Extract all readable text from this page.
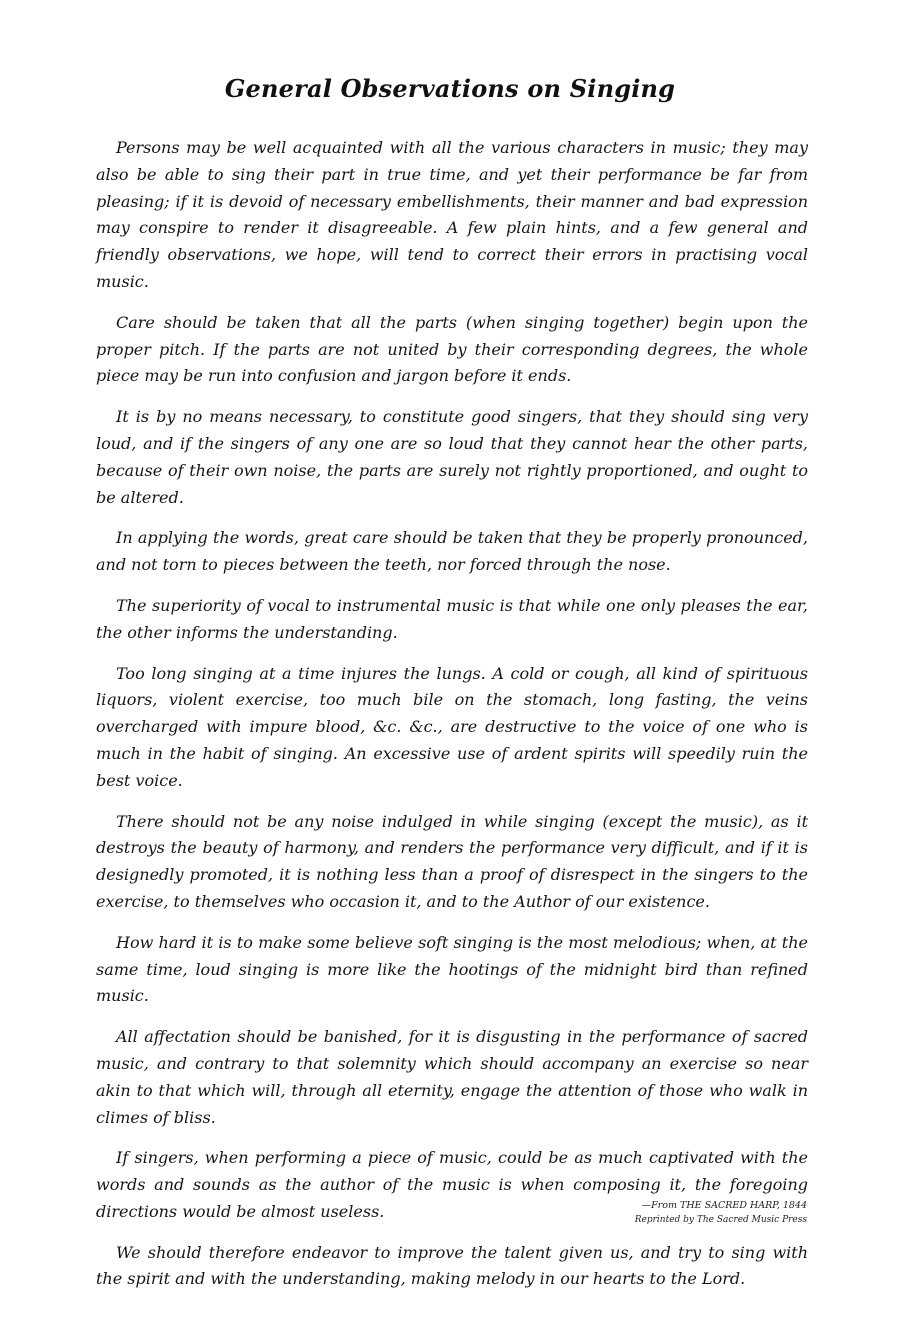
General Observations on Singing

Persons may be well acquainted with all the various characters in music; they may also be able to sing their part in true time, and yet their performance be far from pleasing; if it is devoid of necessary embellishments, their manner and bad expression may conspire to render it disagreeable. A few plain hints, and a few general and friendly observations, we hope, will tend to correct their errors in practising vocal music.

Care should be taken that all the parts (when singing together) begin upon the proper pitch. If the parts are not united by their corresponding degrees, the whole piece may be run into confusion and jargon before it ends.

It is by no means necessary, to constitute good singers, that they should sing very loud, and if the singers of any one are so loud that they cannot hear the other parts, because of their own noise, the parts are surely not rightly proportioned, and ought to be altered.

In applying the words, great care should be taken that they be properly pronounced, and not torn to pieces between the teeth, nor forced through the nose.

The superiority of vocal to instrumental music is that while one only pleases the ear, the other informs the understanding.

Too long singing at a time injures the lungs. A cold or cough, all kind of spirituous liquors, violent exercise, too much bile on the stomach, long fasting, the veins overcharged with impure blood, &c. &c., are destructive to the voice of one who is much in the habit of singing. An excessive use of ardent spirits will speedily ruin the best voice.

There should not be any noise indulged in while singing (except the music), as it destroys the beauty of harmony, and renders the performance very difficult, and if it is designedly promoted, it is nothing less than a proof of disrespect in the singers to the exercise, to themselves who occasion it, and to the Author of our existence.

How hard it is to make some believe soft singing is the most melodious; when, at the same time, loud singing is more like the hootings of the midnight bird than refined music.

All affectation should be banished, for it is disgusting in the performance of sacred music, and contrary to that solemnity which should accompany an exercise so near akin to that which will, through all eternity, engage the attention of those who walk in climes of bliss.

If singers, when performing a piece of music, could be as much captivated with the words and sounds as the author of the music is when composing it, the foregoing directions would be almost useless.

We should therefore endeavor to improve the talent given us, and try to sing with the spirit and with the understanding, making melody in our hearts to the Lord.

—From THE SACRED HARP, 1844
Reprinted by The Sacred Music Press
